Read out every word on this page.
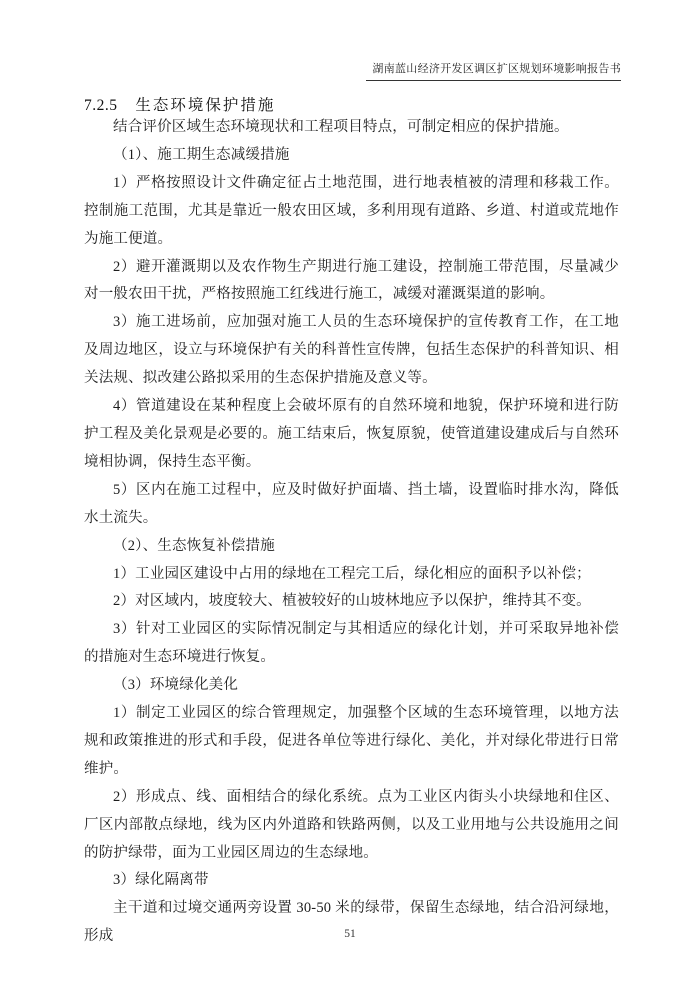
湖南蓝山经济开发区调区扩区规划环境影响报告书
7.2.5 生态环境保护措施

结合评价区域生态环境现状和工程项目特点，可制定相应的保护措施。

（1）、施工期生态减缓措施

1）严格按照设计文件确定征占土地范围，进行地表植被的清理和移栽工作。控制施工范围，尤其是靠近一般农田区域，多利用现有道路、乡道、村道或荒地作为施工便道。

2）避开灌溉期以及农作物生产期进行施工建设，控制施工带范围，尽量减少对一般农田干扰，严格按照施工红线进行施工，减缓对灌溉渠道的影响。

3）施工进场前，应加强对施工人员的生态环境保护的宣传教育工作，在工地及周边地区，设立与环境保护有关的科普性宣传牌，包括生态保护的科普知识、相关法规、拟改建公路拟采用的生态保护措施及意义等。

4）管道建设在某种程度上会破坏原有的自然环境和地貌，保护环境和进行防护工程及美化景观是必要的。施工结束后，恢复原貌，使管道建设建成后与自然环境相协调，保持生态平衡。

5）区内在施工过程中，应及时做好护面墙、挡土墙，设置临时排水沟，降低水土流失。

（2）、生态恢复补偿措施

1）工业园区建设中占用的绿地在工程完工后，绿化相应的面积予以补偿；

2）对区域内，坡度较大、植被较好的山坡林地应予以保护，维持其不变。

3）针对工业园区的实际情况制定与其相适应的绿化计划，并可采取异地补偿的措施对生态环境进行恢复。

（3）环境绿化美化

1）制定工业园区的综合管理规定，加强整个区域的生态环境管理，以地方法规和政策推进的形式和手段，促进各单位等进行绿化、美化，并对绿化带进行日常维护。

2）形成点、线、面相结合的绿化系统。点为工业区内街头小块绿地和住区、厂区内部散点绿地，线为区内外道路和铁路两侧，以及工业用地与公共设施用之间的防护绿带，面为工业园区周边的生态绿地。

3）绿化隔离带

主干道和过境交通两旁设置 30-50 米的绿带，保留生态绿地，结合沿河绿地，形成	51
